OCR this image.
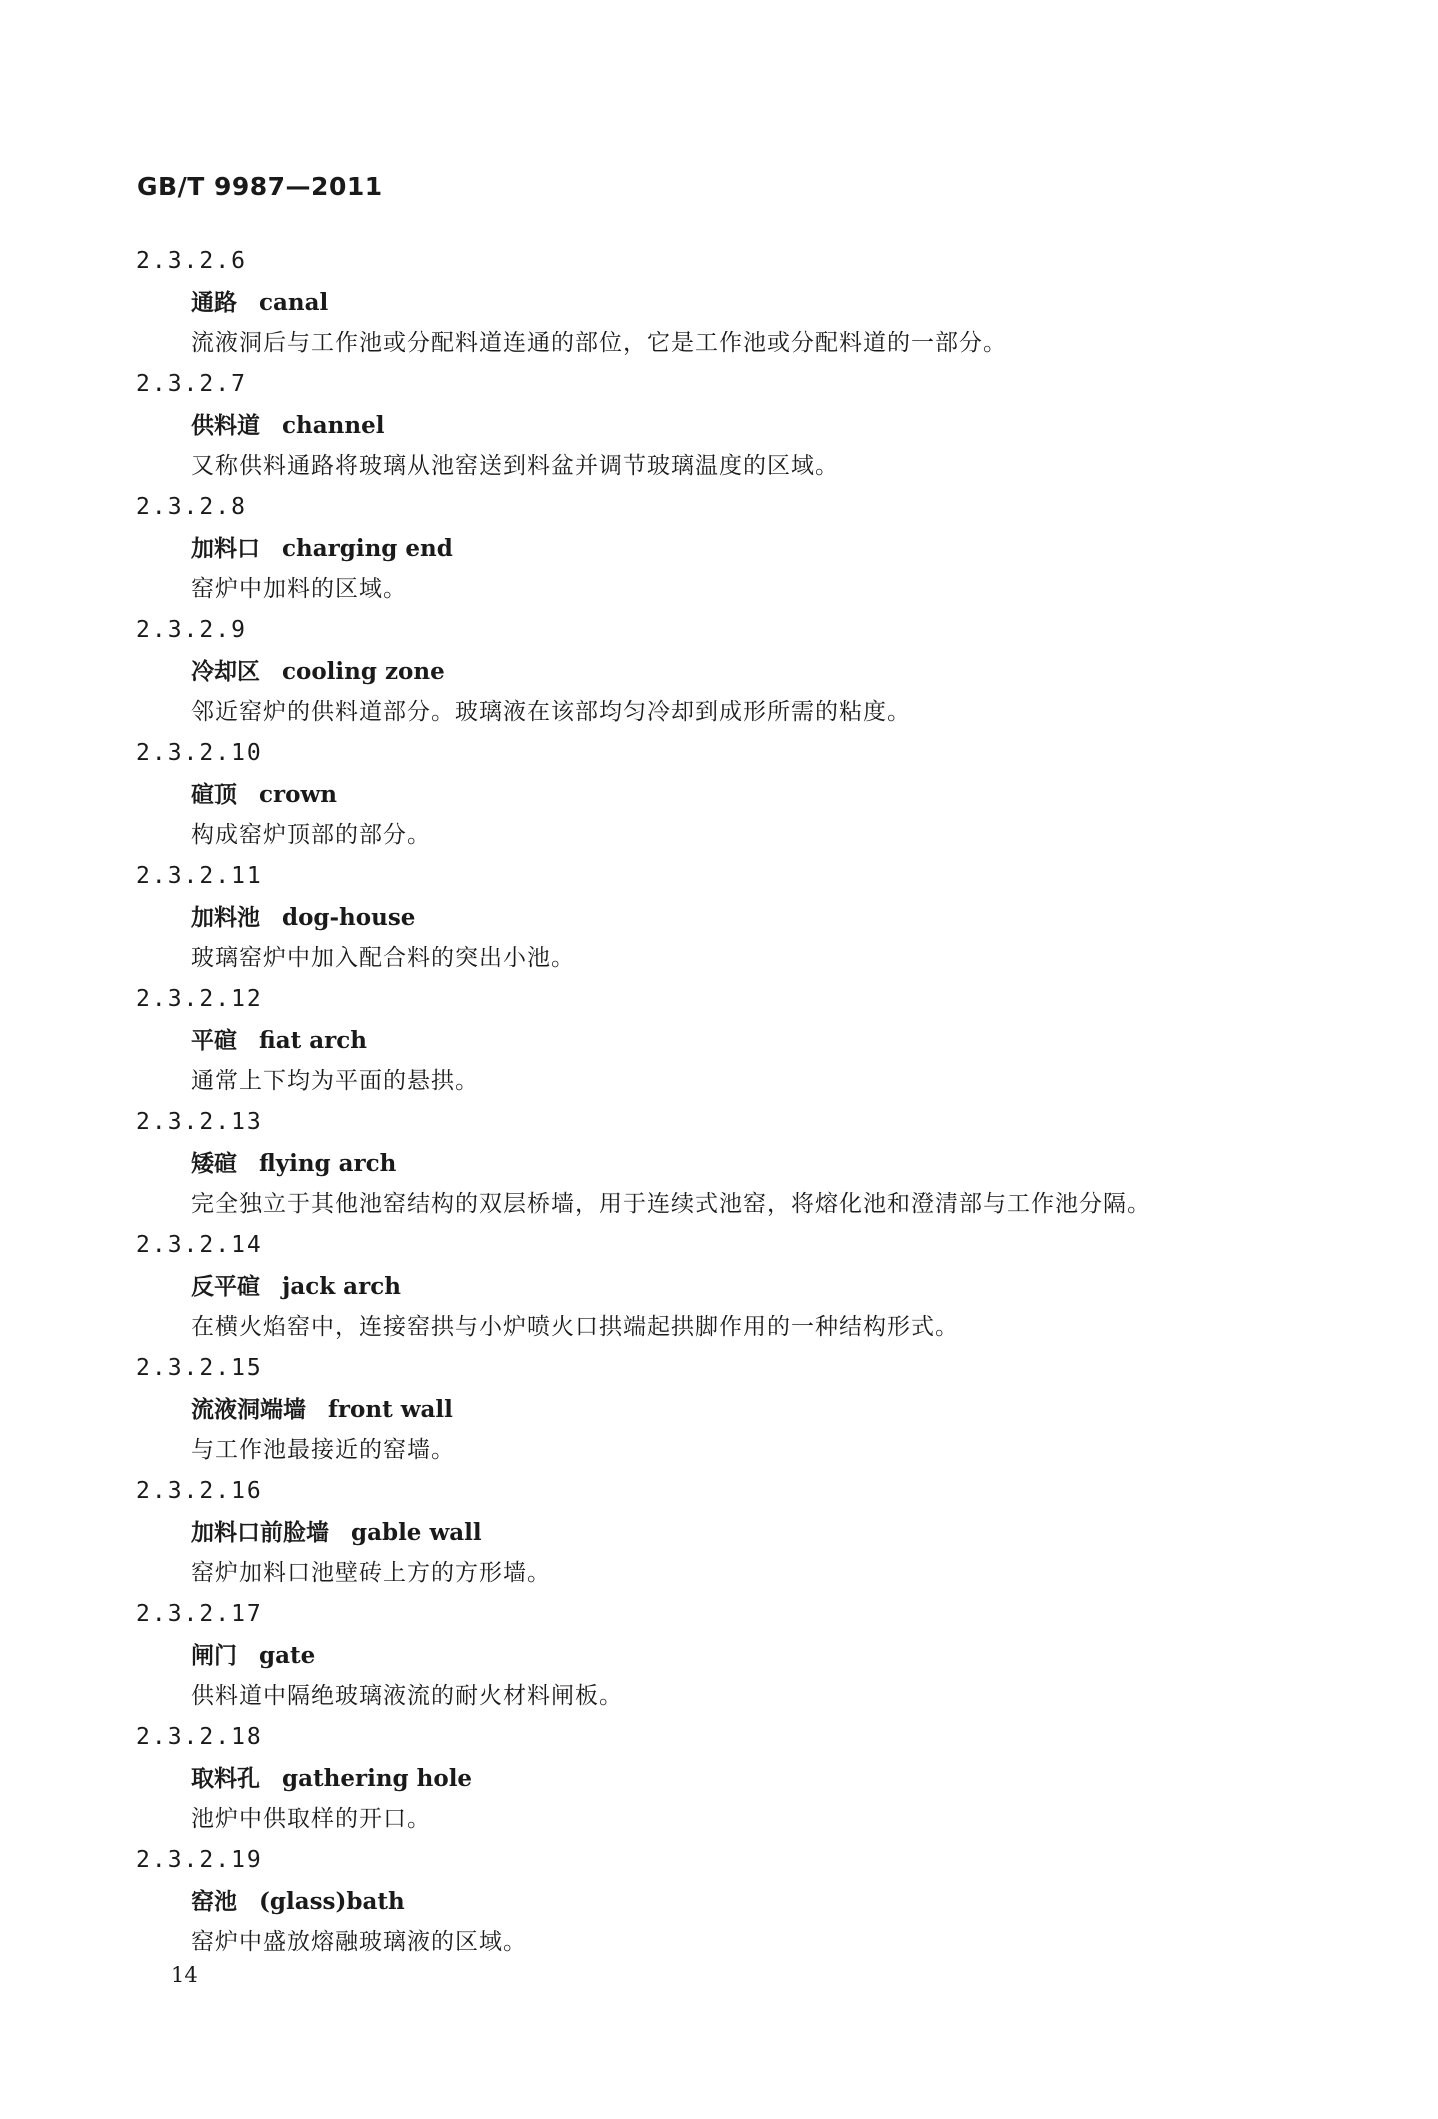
GB/T 9987—2011
2.3.2.6
通路 canal
流液洞后与工作池或分配料道连通的部位，它是工作池或分配料道的一部分。
2.3.2.7
供料道 channel
又称供料通路将玻璃从池窑送到料盆并调节玻璃温度的区域。
2.3.2.8
加料口 charging end
窑炉中加料的区域。
2.3.2.9
冷却区 cooling zone
邻近窑炉的供料道部分。玻璃液在该部均匀冷却到成形所需的粘度。
2.3.2.10
碹顶 crown
构成窑炉顶部的部分。
2.3.2.11
加料池 dog-house
玻璃窑炉中加入配合料的突出小池。
2.3.2.12
平碹 fiat arch
通常上下均为平面的悬拱。
2.3.2.13
矮碹 flying arch
完全独立于其他池窑结构的双层桥墙，用于连续式池窑，将熔化池和澄清部与工作池分隔。
2.3.2.14
反平碹 jack arch
在横火焰窑中，连接窑拱与小炉喷火口拱端起拱脚作用的一种结构形式。
2.3.2.15
流液洞端墙 front wall
与工作池最接近的窑墙。
2.3.2.16
加料口前脸墙 gable wall
窑炉加料口池壁砖上方的方形墙。
2.3.2.17
闸门 gate
供料道中隔绝玻璃液流的耐火材料闸板。
2.3.2.18
取料孔 gathering hole
池炉中供取样的开口。
2.3.2.19
窑池 (glass)bath
窑炉中盛放熔融玻璃液的区域。
14
